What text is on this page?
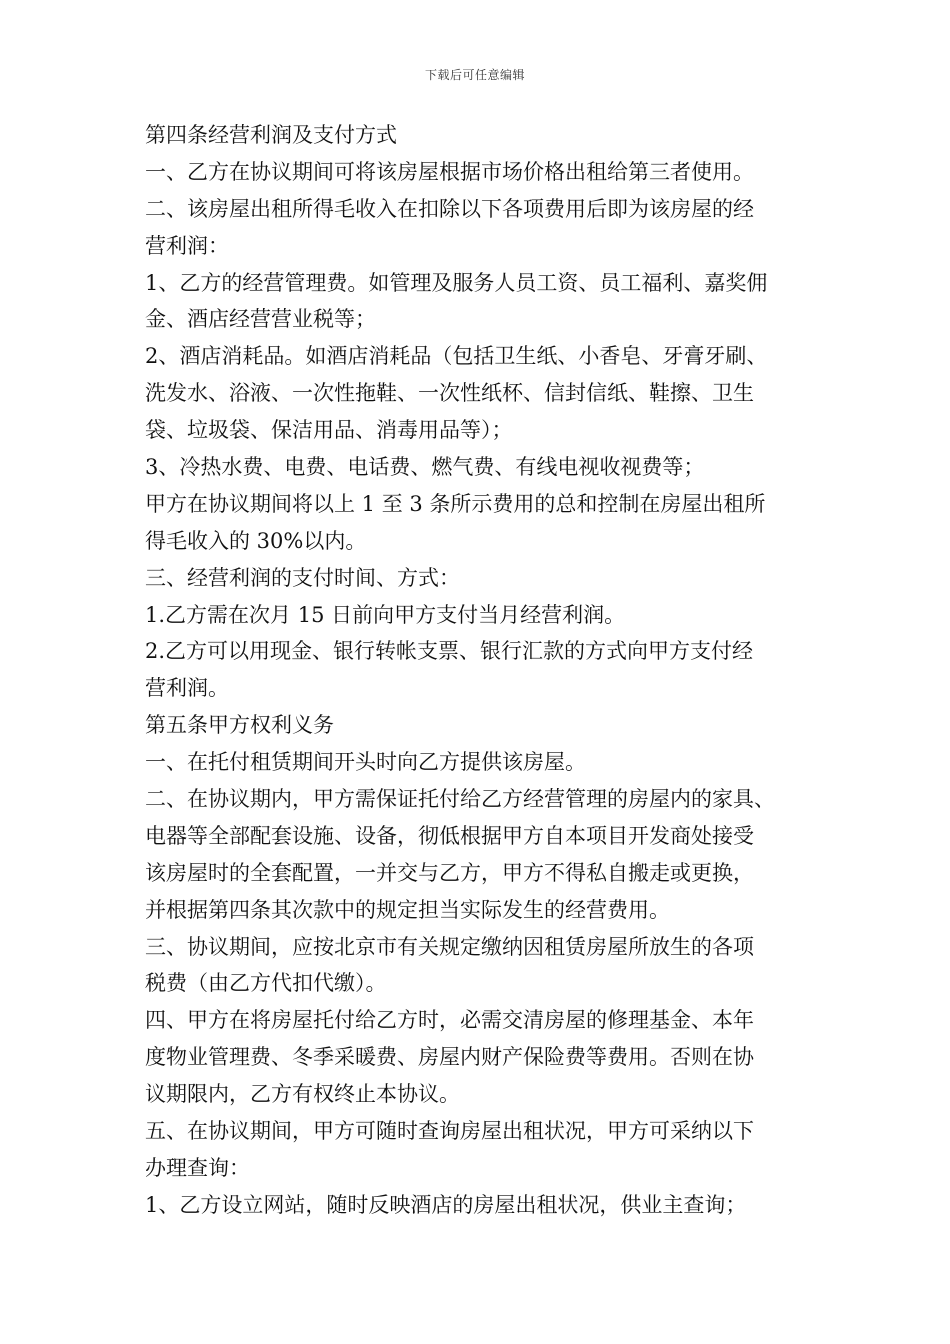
下载后可任意编辑
第四条经营利润及支付方式
一、乙方在协议期间可将该房屋根据市场价格出租给第三者使用。
二、该房屋出租所得毛收入在扣除以下各项费用后即为该房屋的经
营利润：
1、乙方的经营管理费。如管理及服务人员工资、员工福利、嘉奖佣
金、酒店经营营业税等；
2、酒店消耗品。如酒店消耗品（包括卫生纸、小香皂、牙膏牙刷、
洗发水、浴液、一次性拖鞋、一次性纸杯、信封信纸、鞋擦、卫生
袋、垃圾袋、保洁用品、消毒用品等）；
3、冷热水费、电费、电话费、燃气费、有线电视收视费等；
甲方在协议期间将以上 1 至 3 条所示费用的总和控制在房屋出租所
得毛收入的 30%以内。
三、经营利润的支付时间、方式：
1.乙方需在次月 15 日前向甲方支付当月经营利润。
2.乙方可以用现金、银行转帐支票、银行汇款的方式向甲方支付经
营利润。
第五条甲方权利义务
一、在托付租赁期间开头时向乙方提供该房屋。
二、在协议期内，甲方需保证托付给乙方经营管理的房屋内的家具、
电器等全部配套设施、设备，彻低根据甲方自本项目开发商处接受
该房屋时的全套配置，一并交与乙方，甲方不得私自搬走或更换，
并根据第四条其次款中的规定担当实际发生的经营费用。
三、协议期间，应按北京市有关规定缴纳因租赁房屋所放生的各项
税费（由乙方代扣代缴）。
四、甲方在将房屋托付给乙方时，必需交清房屋的修理基金、本年
度物业管理费、冬季采暖费、房屋内财产保险费等费用。否则在协
议期限内，乙方有权终止本协议。
五、在协议期间，甲方可随时查询房屋出租状况，甲方可采纳以下
办理查询：
1、乙方设立网站，随时反映酒店的房屋出租状况，供业主查询；
